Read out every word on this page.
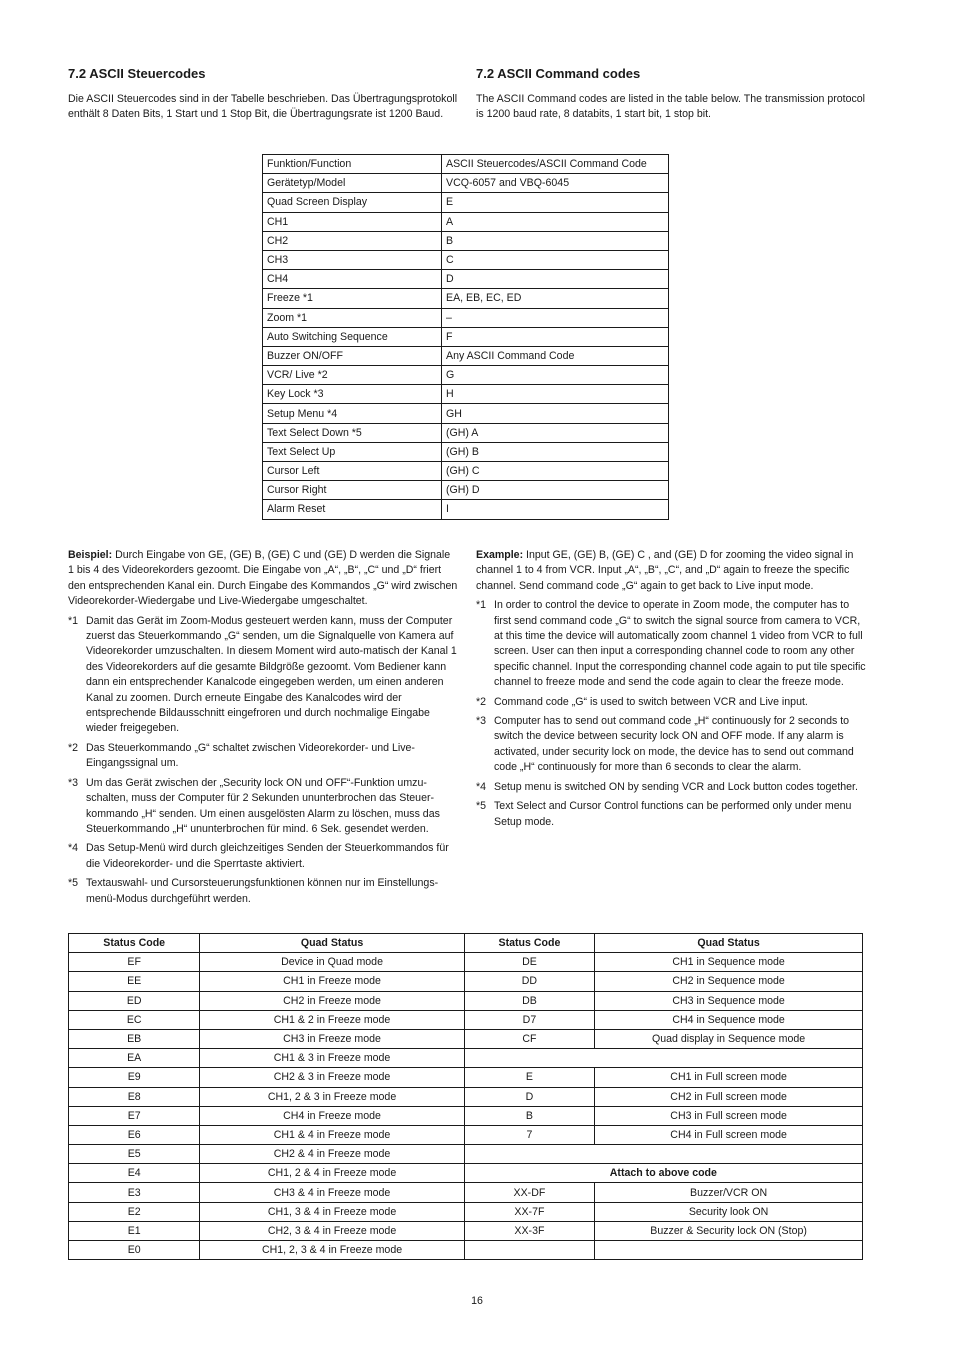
7.2 ASCII Steuercodes

Die ASCII Steuercodes sind in der Tabelle beschrieben. Das Übertragungsprotokoll enthält 8 Daten Bits, 1 Start und 1 Stop Bit, die Übertragungsrate ist 1200 Baud.

7.2 ASCII Command codes

The ASCII Command codes are listed in the table below. The transmission protocol is 1200 baud rate, 8 databits, 1 start bit, 1 stop bit.

Funktion/Function	ASCII Steuercodes/ASCII Command Code
Gerätetyp/Model	VCQ-6057 and VBQ-6045
Quad Screen Display	E
CH1	A
CH2	B
CH3	C
CH4	D
Freeze *1	EA, EB, EC, ED
Zoom *1	–
Auto Switching Sequence	F
Buzzer ON/OFF	Any ASCII Command Code
VCR/ Live *2	G
Key Lock *3	H
Setup Menu *4	GH
Text Select Down *5	(GH) A
Text Select Up	(GH) B
Cursor Left	(GH) C
Cursor Right	(GH) D
Alarm Reset	I

Beispiel: Durch Eingabe von GE, (GE) B, (GE) C und (GE) D werden die Signale 1 bis 4 des Videorekorders gezoomt. Die Eingabe von „A“, „B“, „C“ und „D“ friert den entsprechenden Kanal ein. Durch Eingabe des Kommandos „G“ wird zwischen Videorekorder-Wiedergabe und Live-Wiedergabe umgeschaltet.

*1 Damit das Gerät im Zoom-Modus gesteuert werden kann, muss der Computer zuerst das Steuerkommando „G“ senden, um die Signalquelle von Kamera auf Videorekorder umzuschalten. In diesem Moment wird auto-matisch der Kanal 1 des Videorekorders auf die gesamte Bildgröße gezoomt. Vom Bediener kann dann ein entsprechender Kanalcode eingegeben werden, um einen anderen Kanal zu zoomen. Durch erneute Eingabe des Kanalcodes wird der entsprechende Bildausschnitt eingefroren und durch nochmalige Eingabe wieder freigegeben.
*2 Das Steuerkommando „G“ schaltet zwischen Videorekorder- und Live-Eingangssignal um.
*3 Um das Gerät zwischen der „Security lock ON und OFF“-Funktion umzu-schalten, muss der Computer für 2 Sekunden ununterbrochen das Steuer-kommando „H“ senden. Um einen ausgelösten Alarm zu löschen, muss das Steuerkommando „H“ ununterbrochen für mind. 6 Sek. gesendet werden.
*4 Das Setup-Menü wird durch gleichzeitiges Senden der Steuerkommandos für die Videorekorder- und die Sperrtaste aktiviert.
*5 Textauswahl- und Cursorsteuerungsfunktionen können nur im Einstellungs-menü-Modus durchgeführt werden.

Example: Input GE, (GE) B, (GE) C , and (GE) D for zooming the video signal in channel 1 to 4 from VCR. Input „A“, „B“, „C“, and „D“ again to freeze the specific channel. Send command code „G“ again to get back to Live input mode.

*1 In order to control the device to operate in Zoom mode, the computer has to first send command code „G“ to switch the signal source from camera to VCR, at this time the device will automatically zoom channel 1 video from VCR to full screen. User can then input a corresponding channel code to room any other specific channel. Input the corresponding channel code again to put tile specific channel to freeze mode and send the code again to clear the freeze mode.
*2 Command code „G“ is used to switch between VCR and Live input.
*3 Computer has to send out command code „H“ continuously for 2 seconds to switch the device between security lock ON and OFF mode. If any alarm is activated, under security lock on mode, the device has to send out command code „H“ continuously for more than 6 seconds to clear the alarm.
*4 Setup menu is switched ON by sending VCR and Lock button codes together.
*5 Text Select and Cursor Control functions can be performed only under menu Setup mode.
Status Code	Quad Status	Status Code	Quad Status
EF	Device in Quad mode	DE	CH1 in Sequence mode
EE	CH1 in Freeze mode	DD	CH2 in Sequence mode
ED	CH2 in Freeze mode	DB	CH3 in Sequence mode
EC	CH1 & 2 in Freeze mode	D7	CH4 in Sequence mode
EB	CH3 in Freeze mode	CF	Quad display in Sequence mode
EA	CH1 & 3 in Freeze mode		
E9	CH2 & 3 in Freeze mode	E	CH1 in Full screen mode
E8	CH1, 2 & 3 in Freeze mode	D	CH2 in Full screen mode
E7	CH4 in Freeze mode	B	CH3 in Full screen mode
E6	CH1 & 4 in Freeze mode	7	CH4 in Full screen mode
E5	CH2 & 4 in Freeze mode		
E4	CH1, 2 & 4 in Freeze mode	Attach to above code	
E3	CH3 & 4 in Freeze mode	XX-DF	Buzzer/VCR ON
E2	CH1, 3 & 4 in Freeze mode	XX-7F	Security look ON
E1	CH2, 3 & 4 in Freeze mode	XX-3F	Buzzer & Security lock ON (Stop)
E0	CH1, 2, 3 & 4 in Freeze mode		
16
